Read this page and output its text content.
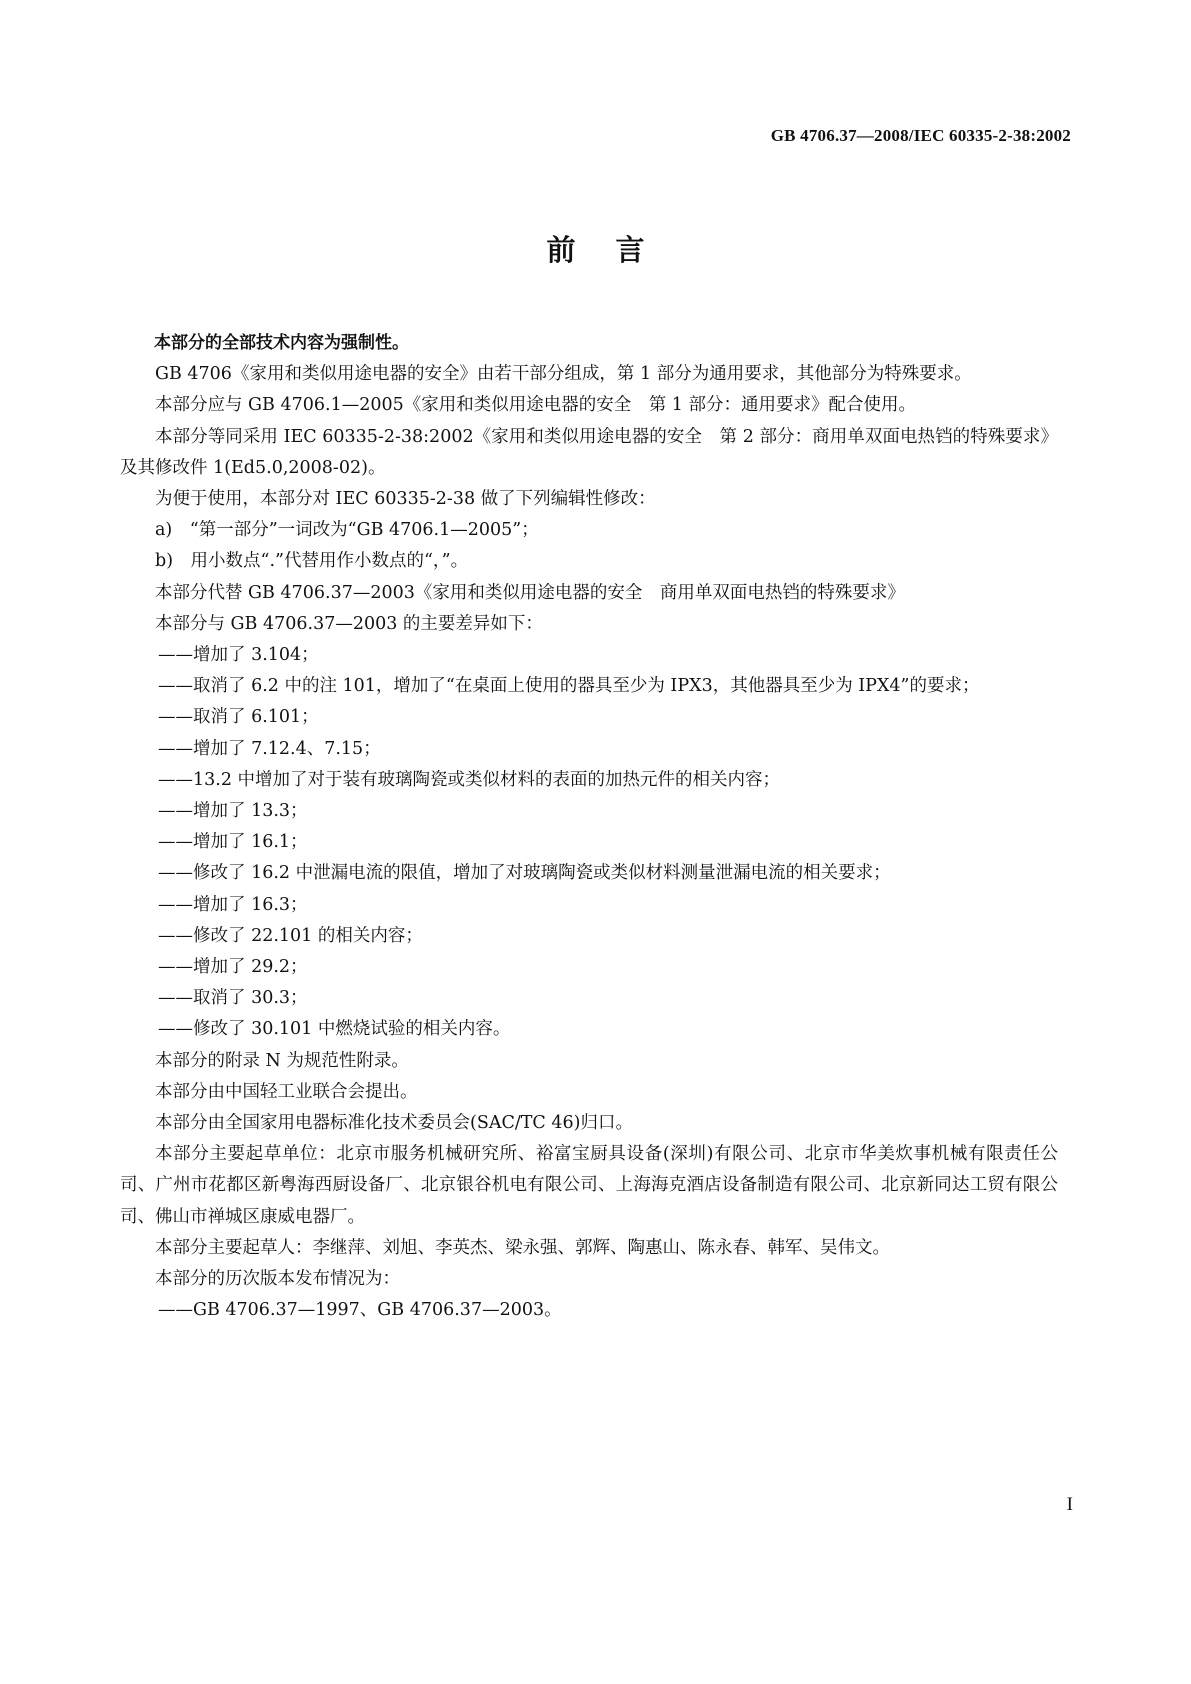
GB 4706.37—2008/IEC 60335-2-38:2002
前言

本部分的全部技术内容为强制性。

GB 4706《家用和类似用途电器的安全》由若干部分组成，第 1 部分为通用要求，其他部分为特殊要求。

本部分应与 GB 4706.1—2005《家用和类似用途电器的安全　第 1 部分：通用要求》配合使用。

本部分等同采用 IEC 60335-2-38:2002《家用和类似用途电器的安全　第 2 部分：商用单双面电热铛的特殊要求》及其修改件 1(Ed5.0,2008-02)。

为便于使用，本部分对 IEC 60335-2-38 做了下列编辑性修改：

a)　“第一部分”一词改为“GB 4706.1—2005”；

b)　用小数点“.”代替用作小数点的“，”。

本部分代替 GB 4706.37—2003《家用和类似用途电器的安全　商用单双面电热铛的特殊要求》

本部分与 GB 4706.37—2003 的主要差异如下：

——增加了 3.104；

——取消了 6.2 中的注 101，增加了“在桌面上使用的器具至少为 IPX3，其他器具至少为 IPX4”的要求；

——取消了 6.101；

——增加了 7.12.4、7.15；

——13.2 中增加了对于装有玻璃陶瓷或类似材料的表面的加热元件的相关内容；

——增加了 13.3；

——增加了 16.1；

——修改了 16.2 中泄漏电流的限值，增加了对玻璃陶瓷或类似材料测量泄漏电流的相关要求；

——增加了 16.3；

——修改了 22.101 的相关内容；

——增加了 29.2；

——取消了 30.3；

——修改了 30.101 中燃烧试验的相关内容。

本部分的附录 N 为规范性附录。

本部分由中国轻工业联合会提出。

本部分由全国家用电器标准化技术委员会(SAC/TC 46)归口。

本部分主要起草单位：北京市服务机械研究所、裕富宝厨具设备(深圳)有限公司、北京市华美炊事机械有限责任公司、广州市花都区新粤海西厨设备厂、北京银谷机电有限公司、上海海克酒店设备制造有限公司、北京新同达工贸有限公司、佛山市禅城区康威电器厂。

本部分主要起草人：李继萍、刘旭、李英杰、梁永强、郭辉、陶惠山、陈永春、韩军、吴伟文。

本部分的历次版本发布情况为：

——GB 4706.37—1997、GB 4706.37—2003。

I
